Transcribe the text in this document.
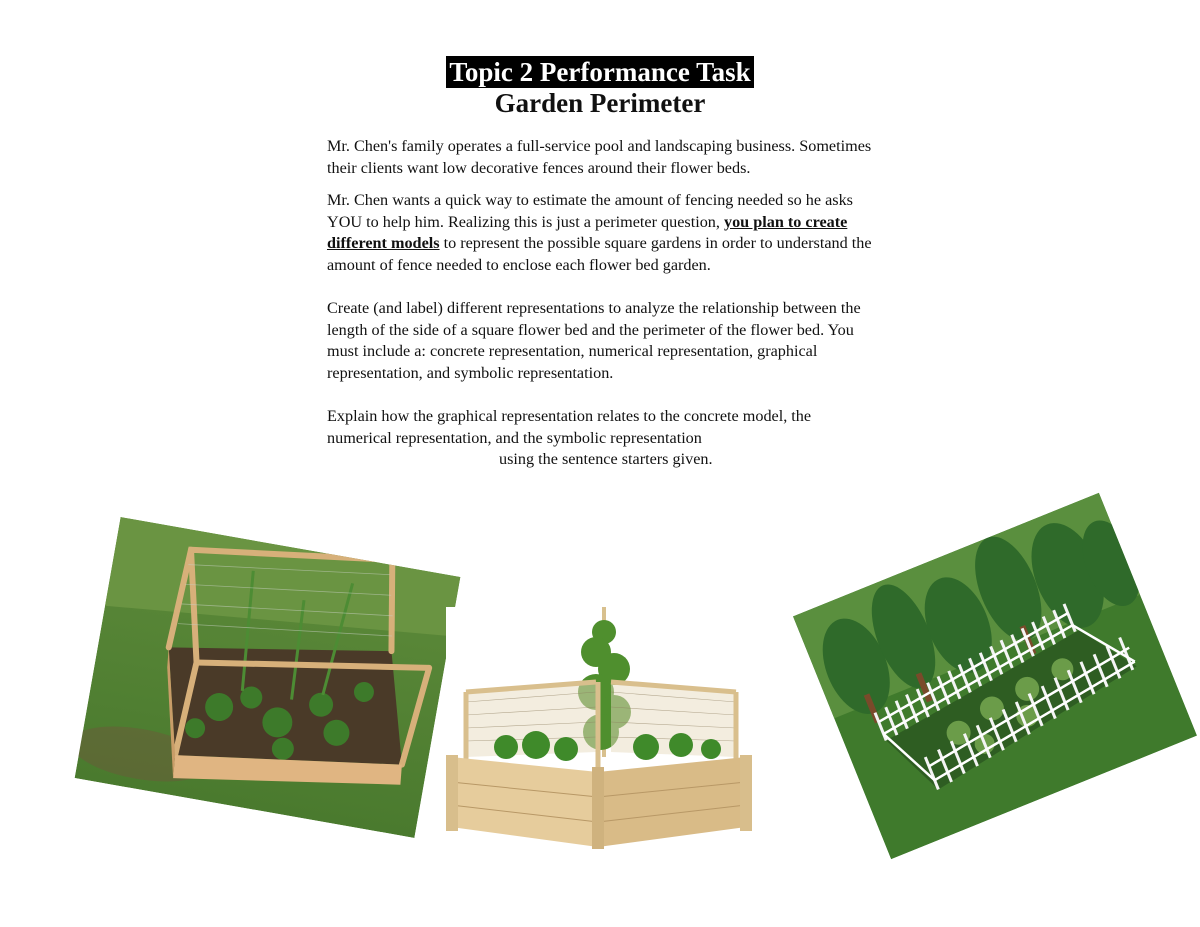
Topic 2 Performance Task
Garden Perimeter

Mr. Chen's family operates a full-service pool and landscaping business. Sometimes their clients want low decorative fences around their flower beds.

Mr. Chen wants a quick way to estimate the amount of fencing needed so he asks YOU to help him. Realizing this is just a perimeter question, you plan to create different models to represent the possible square gardens in order to understand the amount of fence needed to enclose each flower bed garden.

Create (and label) different representations to analyze the relationship between the length of the side of a square flower bed and the perimeter of the flower bed. You must include a: concrete representation, numerical representation, graphical representation, and symbolic representation.

Explain how the graphical representation relates to the concrete model, the numerical representation, and the symbolic representation
using the sentence starters given.
